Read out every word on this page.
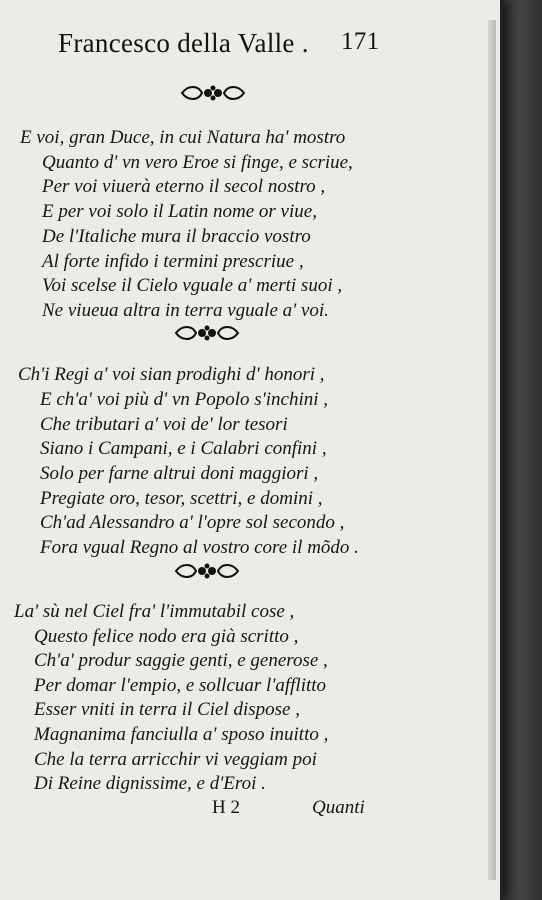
Francesco della Valle . 171
E voi, gran Duce, in cui Natura ha' mostro
Quanto d' vn vero Eroe si finge, e scriue,
Per voi viuerà eterno il secol nostro ,
E per voi solo il Latin nome or viue,
De l'Italiche mura il braccio vostro
Al forte infido i termini prescriue ,
Voi scelse il Cielo vguale a' merti suoi ,
Ne viueua altra in terra vguale a' voi.
Ch'i Regi a' voi sian prodighi d' honori ,
E ch'a' voi più d' vn Popolo s'inchini ,
Che tributari a' voi de' lor tesori
Siano i Campani, e i Calabri confini ,
Solo per farne altrui doni maggiori ,
Pregiate oro, tesor, scettri, e domini ,
Ch'ad Alessandro a' l'opre sol secondo ,
Fora vgual Regno al vostro core il mõdo .
La' sù nel Ciel fra' l'immutabil cose ,
Questo felice nodo era già scritto ,
Ch'a' produr saggie genti, e generose ,
Per domar l'empio, e sollcuar l'afflitto
Esser vniti in terra il Ciel dispose ,
Magnanima fanciulla a' sposo inuitto ,
Che la terra arricchir vi veggiam poi
Di Reine dignissime, e d'Eroi .
H 2	Quanti
